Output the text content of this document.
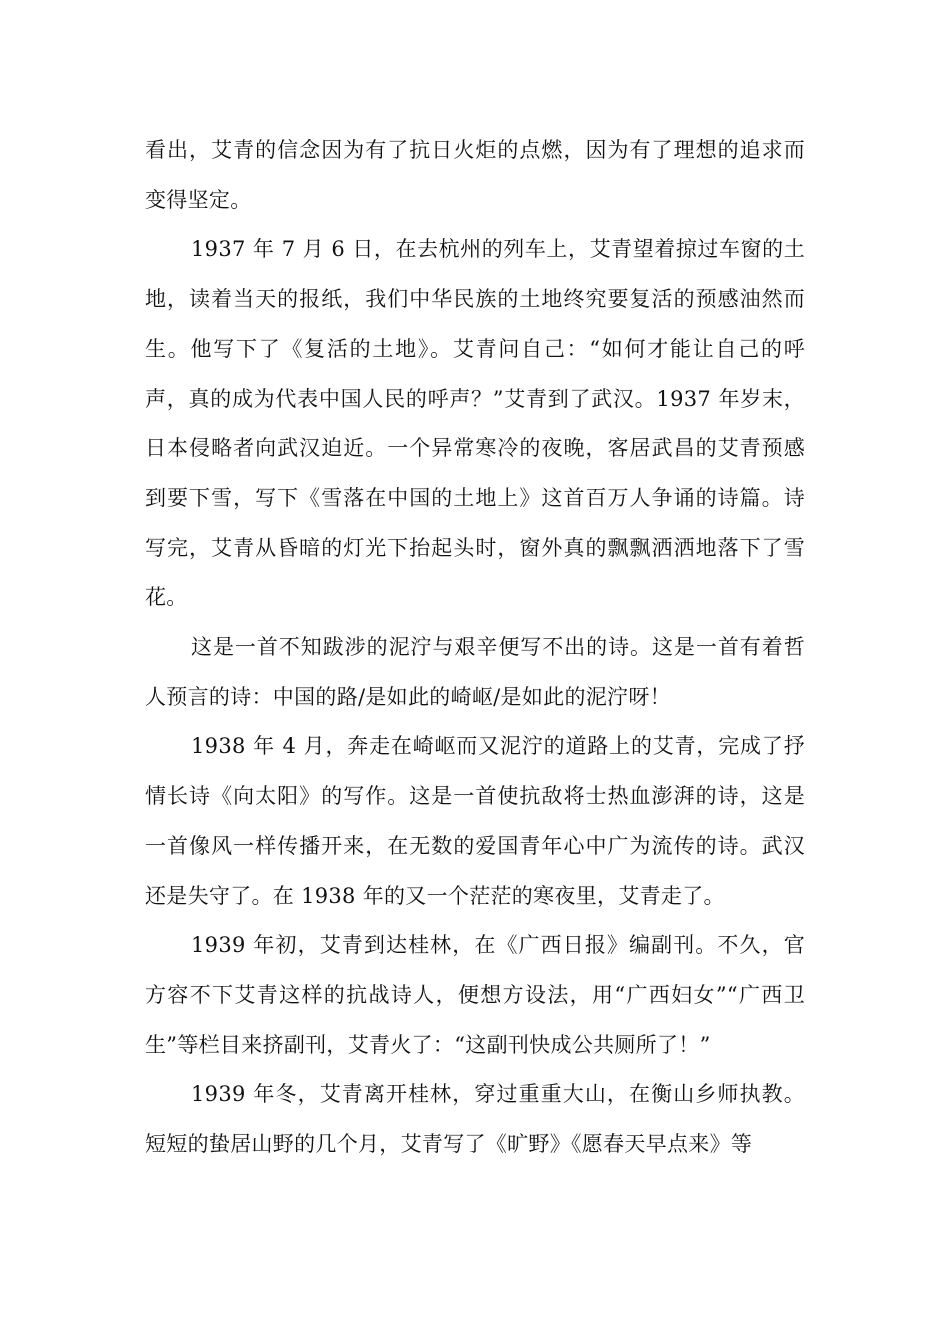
看出，艾青的信念因为有了抗日火炬的点燃，因为有了理想的追求而变得坚定。

1937 年 7 月 6 日，在去杭州的列车上，艾青望着掠过车窗的土地，读着当天的报纸，我们中华民族的土地终究要复活的预感油然而生。他写下了《复活的土地》。艾青问自己：“如何才能让自己的呼声，真的成为代表中国人民的呼声？”艾青到了武汉。1937 年岁末，日本侵略者向武汉迫近。一个异常寒冷的夜晚，客居武昌的艾青预感到要下雪，写下《雪落在中国的土地上》这首百万人争诵的诗篇。诗写完，艾青从昏暗的灯光下抬起头时，窗外真的飘飘洒洒地落下了雪花。

这是一首不知跋涉的泥泞与艰辛便写不出的诗。这是一首有着哲人预言的诗：中国的路/是如此的崎岖/是如此的泥泞呀！

1938 年 4 月，奔走在崎岖而又泥泞的道路上的艾青，完成了抒情长诗《向太阳》的写作。这是一首使抗敌将士热血澎湃的诗，这是一首像风一样传播开来，在无数的爱国青年心中广为流传的诗。武汉还是失守了。在 1938 年的又一个茫茫的寒夜里，艾青走了。

1939 年初，艾青到达桂林，在《广西日报》编副刊。不久，官方容不下艾青这样的抗战诗人，便想方设法，用“广西妇女”“广西卫生”等栏目来挤副刊，艾青火了：“这副刊快成公共厕所了！”

1939 年冬，艾青离开桂林，穿过重重大山，在衡山乡师执教。短短的蛰居山野的几个月，艾青写了《旷野》《愿春天早点来》等
